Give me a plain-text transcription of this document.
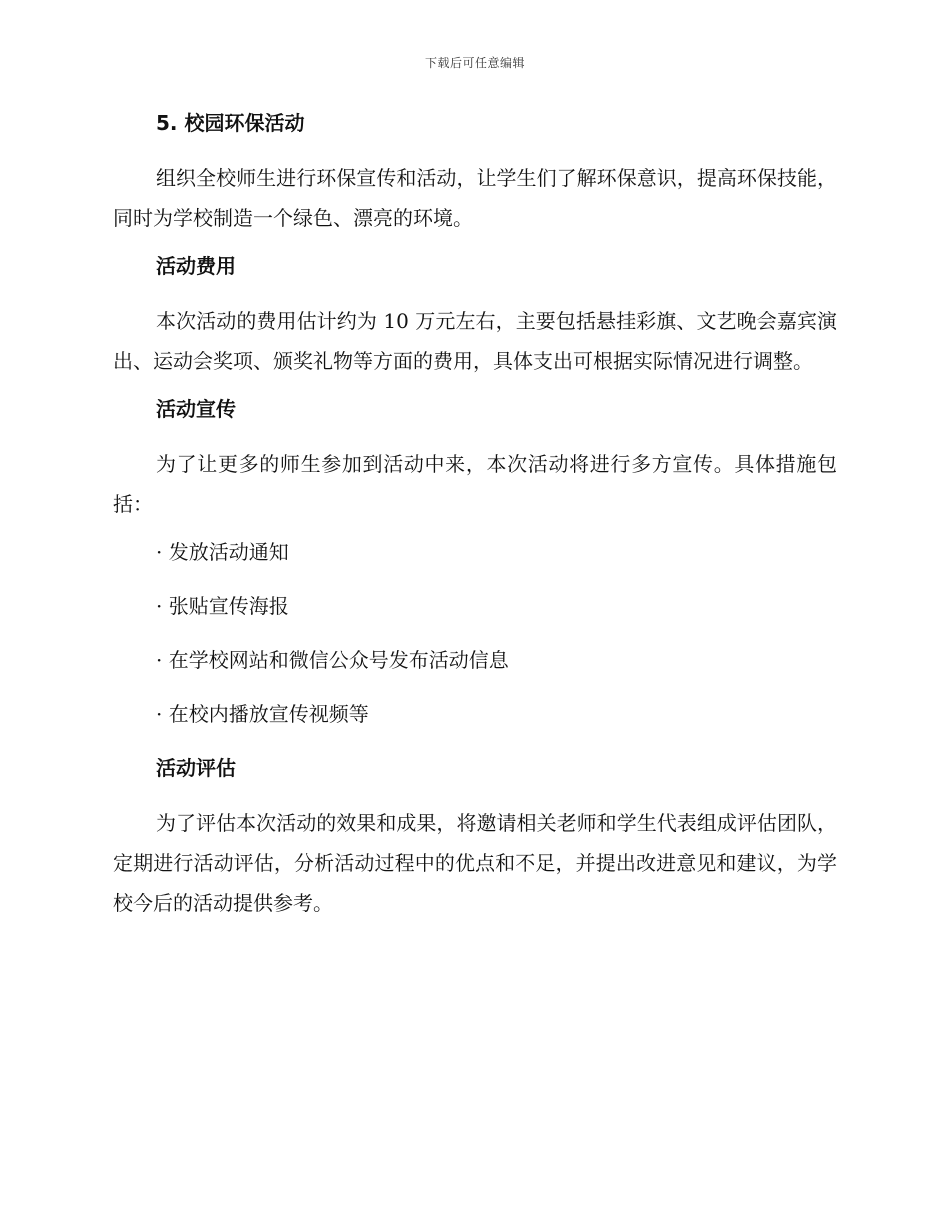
下载后可任意编辑
5. 校园环保活动

组织全校师生进行环保宣传和活动，让学生们了解环保意识，提高环保技能，同时为学校制造一个绿色、漂亮的环境。

活动费用

本次活动的费用估计约为 10 万元左右，主要包括悬挂彩旗、文艺晚会嘉宾演出、运动会奖项、颁奖礼物等方面的费用，具体支出可根据实际情况进行调整。

活动宣传

为了让更多的师生参加到活动中来，本次活动将进行多方宣传。具体措施包括：

· 发放活动通知
· 张贴宣传海报
· 在学校网站和微信公众号发布活动信息
· 在校内播放宣传视频等
活动评估

为了评估本次活动的效果和成果，将邀请相关老师和学生代表组成评估团队，定期进行活动评估，分析活动过程中的优点和不足，并提出改进意见和建议，为学校今后的活动提供参考。
